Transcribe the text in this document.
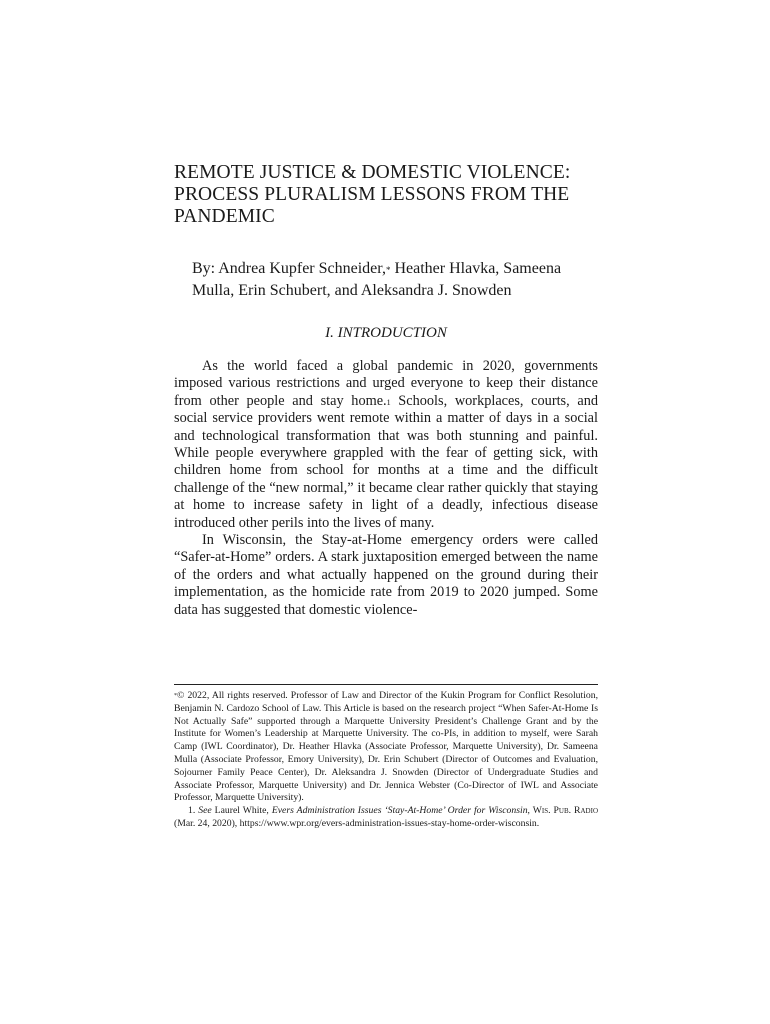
REMOTE JUSTICE & DOMESTIC VIOLENCE:
PROCESS PLURALISM LESSONS FROM THE
PANDEMIC
By: Andrea Kupfer Schneider,* Heather Hlavka, Sameena
Mulla, Erin Schubert, and Aleksandra J. Snowden
I. INTRODUCTION

As the world faced a global pandemic in 2020, governments imposed various restrictions and urged everyone to keep their distance from other people and stay home.$^1$ Schools, workplaces, courts, and social service providers went remote within a matter of days in a social and technological transformation that was both stunning and painful. While people everywhere grappled with the fear of getting sick, with children home from school for months at a time and the difficult challenge of the “new normal,” it became clear rather quickly that staying at home to increase safety in light of a deadly, infectious disease introduced other perils into the lives of many.

In Wisconsin, the Stay-at-Home emergency orders were called “Safer-at-Home” orders. A stark juxtaposition emerged between the name of the orders and what actually happened on the ground during their implementation, as the homicide rate from 2019 to 2020 jumped. Some data has suggested that domestic violence-

*© 2022, All rights reserved. Professor of Law and Director of the Kukin Program for Conflict Resolution, Benjamin N. Cardozo School of Law. This Article is based on the research project “When Safer-At-Home Is Not Actually Safe” supported through a Marquette University President’s Challenge Grant and by the Institute for Women’s Leadership at Marquette University. The co-PIs, in addition to myself, were Sarah Camp (IWL Coordinator), Dr. Heather Hlavka (Associate Professor, Marquette University), Dr. Sameena Mulla (Associate Professor, Emory University), Dr. Erin Schubert (Director of Outcomes and Evaluation, Sojourner Family Peace Center), Dr. Aleksandra J. Snowden (Director of Undergraduate Studies and Associate Professor, Marquette University) and Dr. Jennica Webster (Co-Director of IWL and Associate Professor, Marquette University).

1. See Laurel White, Evers Administration Issues ‘Stay-At-Home’ Order for Wisconsin, Wis. Pub. Radio (Mar. 24, 2020), https://www.wpr.org/evers-administration-issues-stay-home-order-wisconsin.
